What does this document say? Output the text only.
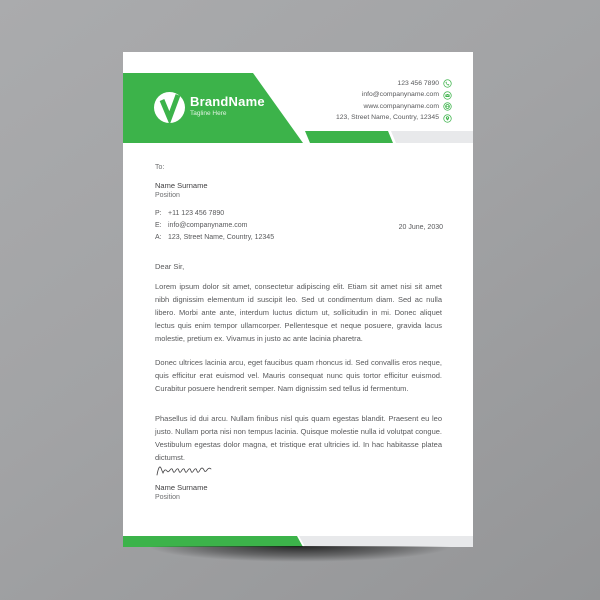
BrandName
Tagline Here
123 456 7890
info@companyname.com
www.companyname.com
123, Street Name, Country, 12345
To:
Name Surname
Position
P: +11 123 456 7890
E: info@companyname.com
A: 123, Street Name, Country, 12345
20 June, 2030
Dear Sir,

Lorem ipsum dolor sit amet, consectetur adipiscing elit. Etiam sit amet nisi sit amet nibh dignissim elementum id suscipit leo. Sed ut condimentum diam. Sed ac nulla libero. Morbi ante ante, interdum luctus dictum ut, sollicitudin in mi. Donec aliquet lectus quis enim tempor ullamcorper. Pellentesque et neque posuere, gravida lacus molestie, pretium ex. Vivamus in justo ac ante lacinia pharetra.

Donec ultrices lacinia arcu, eget faucibus quam rhoncus id. Sed convallis eros neque, quis efficitur erat euismod vel. Mauris consequat nunc quis tortor efficitur euismod. Curabitur posuere hendrerit semper. Nam dignissim sed tellus id fermentum.

Phasellus id dui arcu. Nullam finibus nisl quis quam egestas blandit. Praesent eu leo justo. Nullam porta nisi non tempus lacinia. Quisque molestie nulla id volutpat congue. Vestibulum egestas dolor magna, et tristique erat ultricies id. In hac habitasse platea dictumst.

Name Surname
Position
